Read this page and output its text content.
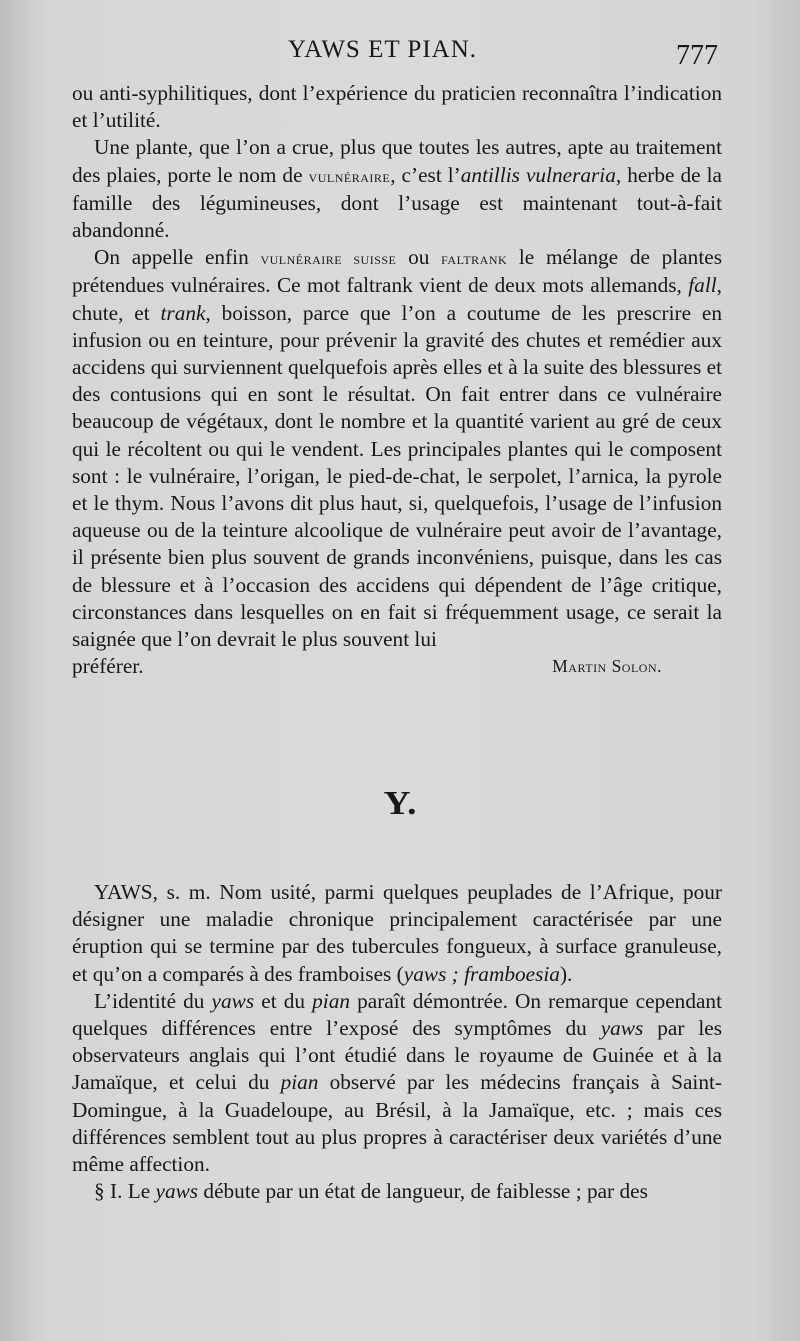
YAWS ET PIAN.	777

ou anti-syphilitiques, dont l’expérience du praticien reconnaîtra l’indication et l’utilité.

Une plante, que l’on a crue, plus que toutes les autres, apte au traitement des plaies, porte le nom de vulnéraire, c’est l’antillis vulneraria, herbe de la famille des légumineuses, dont l’usage est maintenant tout-à-fait abandonné.

On appelle enfin vulnéraire suisse ou faltrank le mélange de plantes prétendues vulnéraires. Ce mot faltrank vient de deux mots allemands, fall, chute, et trank, boisson, parce que l’on a coutume de les prescrire en infusion ou en teinture, pour prévenir la gravité des chutes et remédier aux accidens qui surviennent quelquefois après elles et à la suite des blessures et des contusions qui en sont le résultat. On fait entrer dans ce vulnéraire beaucoup de végétaux, dont le nombre et la quantité varient au gré de ceux qui le récoltent ou qui le vendent. Les principales plantes qui le composent sont : le vulnéraire, l’origan, le pied-de-chat, le serpolet, l’arnica, la pyrole et le thym. Nous l’avons dit plus haut, si, quelquefois, l’usage de l’infusion aqueuse ou de la teinture alcoolique de vulnéraire peut avoir de l’avantage, il présente bien plus souvent de grands inconvéniens, puisque, dans les cas de blessure et à l’occasion des accidens qui dépendent de l’âge critique, circonstances dans lesquelles on en fait si fréquemment usage, ce serait la saignée que l’on devrait le plus souvent lui

préférer.	Martin Solon.
Y.

YAWS, s. m. Nom usité, parmi quelques peuplades de l’Afrique, pour désigner une maladie chronique principalement caractérisée par une éruption qui se termine par des tubercules fongueux, à surface granuleuse, et qu’on a comparés à des framboises (yaws ; framboesia).

L’identité du yaws et du pian paraît démontrée. On remarque cependant quelques différences entre l’exposé des symptômes du yaws par les observateurs anglais qui l’ont étudié dans le royaume de Guinée et à la Jamaïque, et celui du pian observé par les médecins français à Saint-Domingue, à la Guadeloupe, au Brésil, à la Jamaïque, etc. ; mais ces différences semblent tout au plus propres à caractériser deux variétés d’une même affection.

§ I. Le yaws débute par un état de langueur, de faiblesse ; par des
